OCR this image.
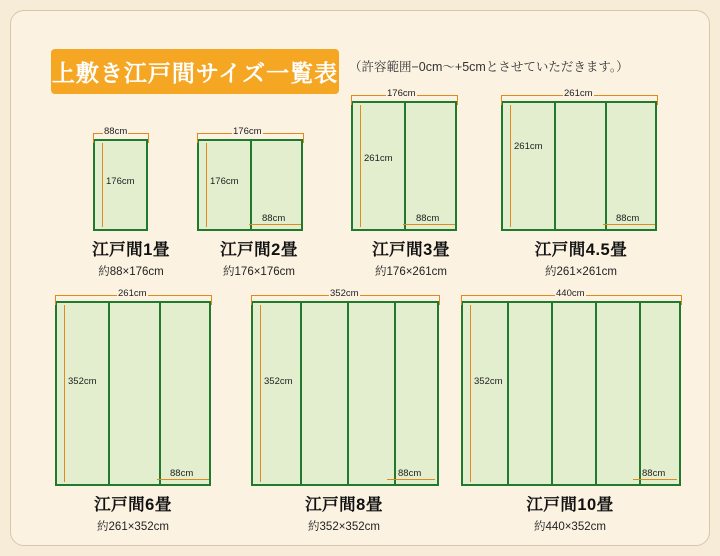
上敷き江戸間サイズ一覧表 （許容範囲−0cm〜+5cmとさせていただきます。）
88cm
176cm
江戸間1畳
約88×176cm
176cm
176cm
88cm
江戸間2畳
約176×176cm
176cm
261cm
88cm
江戸間3畳
約176×261cm
261cm
261cm
88cm
江戸間4.5畳
約261×261cm
261cm
352cm
88cm
江戸間6畳
約261×352cm
352cm
352cm
88cm
江戸間8畳
約352×352cm
440cm
352cm
88cm
江戸間10畳
約440×352cm
